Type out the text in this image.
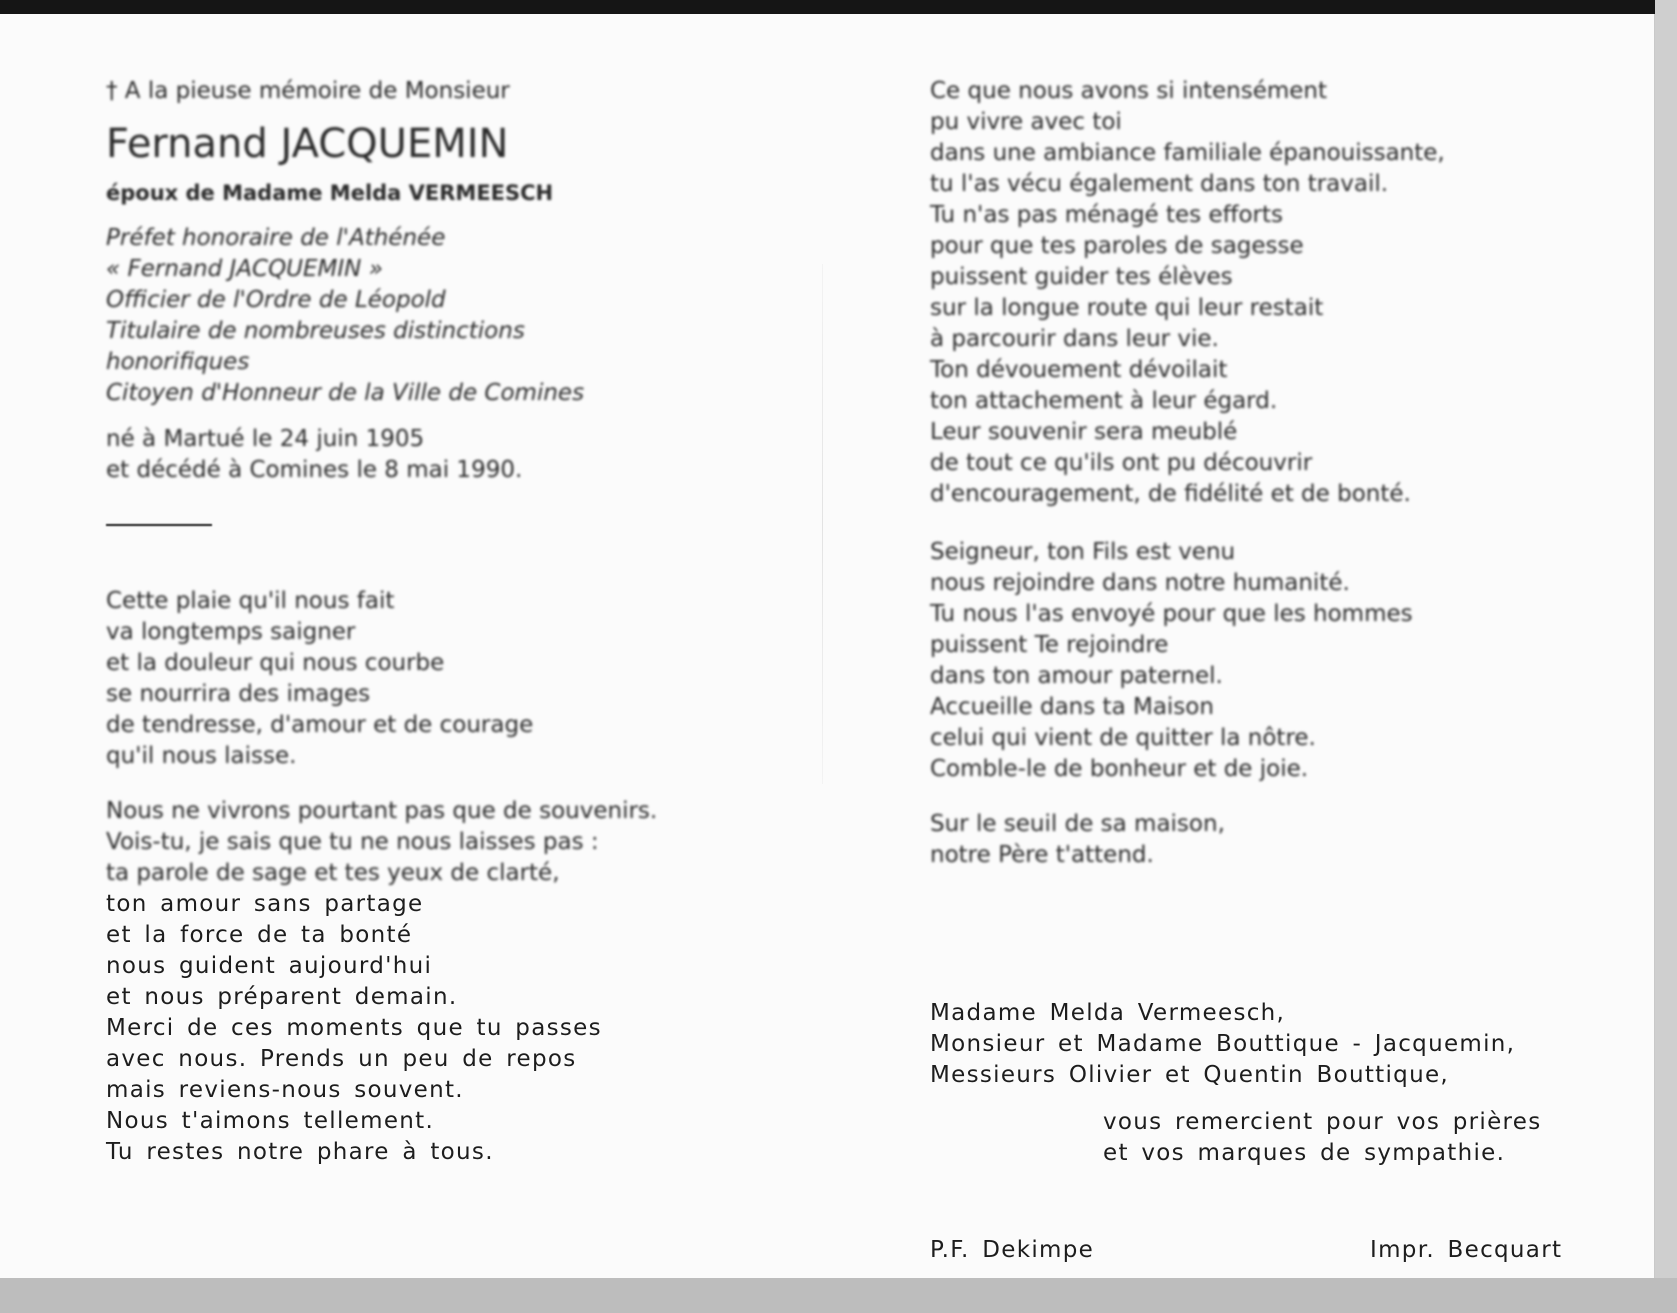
† A la pieuse mémoire de Monsieur
Fernand JACQUEMIN
époux de Madame Melda VERMEESCH
Préfet honoraire de l'Athénée
« Fernand JACQUEMIN »
Officier de l'Ordre de Léopold
Titulaire de nombreuses distinctions
honorifiques
Citoyen d'Honneur de la Ville de Comines
né à Martué le 24 juin 1905
et décédé à Comines le 8 mai 1990.
Cette plaie qu'il nous fait
va longtemps saigner
et la douleur qui nous courbe
se nourrira des images
de tendresse, d'amour et de courage
qu'il nous laisse.
Nous ne vivrons pourtant pas que de souvenirs.
Vois-tu, je sais que tu ne nous laisses pas :
ta parole de sage et tes yeux de clarté,
ton amour sans partage
et la force de ta bonté
nous guident aujourd'hui
et nous préparent demain.
Merci de ces moments que tu passes
avec nous. Prends un peu de repos
mais reviens-nous souvent.
Nous t'aimons tellement.
Tu restes notre phare à tous.
Ce que nous avons si intensément
pu vivre avec toi
dans une ambiance familiale épanouissante,
tu l'as vécu également dans ton travail.
Tu n'as pas ménagé tes efforts
pour que tes paroles de sagesse
puissent guider tes élèves
sur la longue route qui leur restait
à parcourir dans leur vie.
Ton dévouement dévoilait
ton attachement à leur égard.
Leur souvenir sera meublé
de tout ce qu'ils ont pu découvrir
d'encouragement, de fidélité et de bonté.
Seigneur, ton Fils est venu
nous rejoindre dans notre humanité.
Tu nous l'as envoyé pour que les hommes
puissent Te rejoindre
dans ton amour paternel.
Accueille dans ta Maison
celui qui vient de quitter la nôtre.
Comble-le de bonheur et de joie.
Sur le seuil de sa maison,
notre Père t'attend.
Madame Melda Vermeesch,
Monsieur et Madame Bouttique - Jacquemin,
Messieurs Olivier et Quentin Bouttique,
vous remercient pour vos prières
et vos marques de sympathie.
P.F. Dekimpe	Impr. Becquart
